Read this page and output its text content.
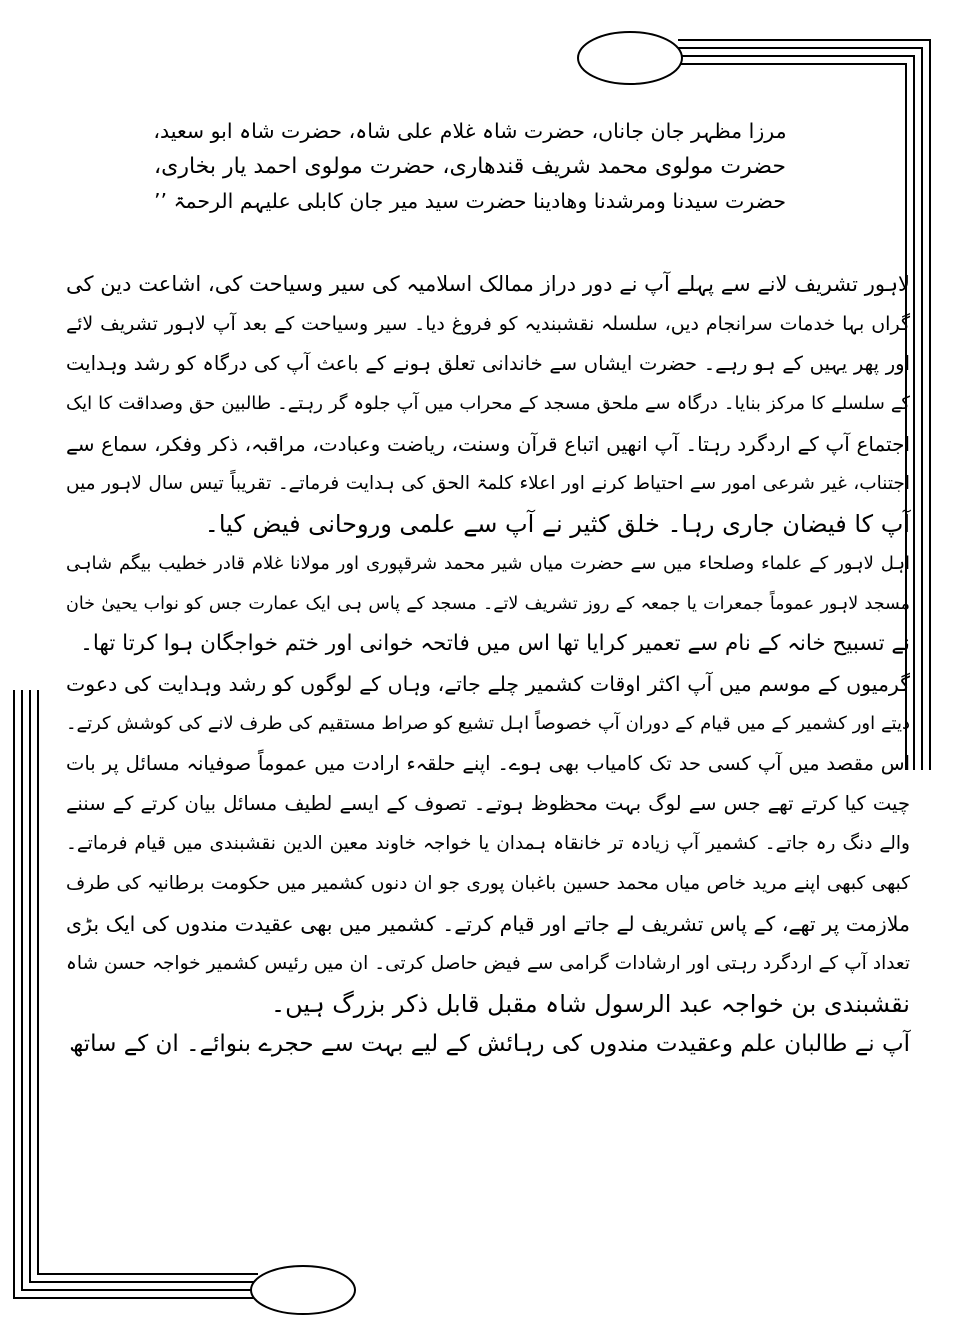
مرزا مظہر جان جاناں، حضرت شاہ غلام علی شاہ، حضرت شاہ ابو سعید،
حضرت مولوی محمد شریف قندھاری، حضرت مولوی احمد یار بخاری،
حضرت سیدنا ومرشدنا وھادینا حضرت سید میر جان کابلی علیہم الرحمۃ ’’
لاہور تشریف لانے سے پہلے آپ نے دور دراز ممالک اسلامیہ کی سیر وسیاحت کی، اشاعت دین کی
گراں بہا خدمات سرانجام دیں، سلسلہ نقشبندیہ کو فروغ دیا۔ سیر وسیاحت کے بعد آپ لاہور تشریف لائے
اور پھر یہیں کے ہو رہے۔ حضرت ایشاں سے خاندانی تعلق ہونے کے باعث آپ کی درگاہ کو رشد وہدایت
کے سلسلے کا مرکز بنایا۔ درگاہ سے ملحق مسجد کے محراب میں آپ جلوہ گر رہتے۔ طالبین حق وصداقت کا ایک
اجتماع آپ کے اردگرد رہتا۔ آپ انھیں اتباع قرآن وسنت، ریاضت وعبادت، مراقبہ، ذکر وفکر، سماع سے
اجتناب، غیر شرعی امور سے احتیاط کرنے اور اعلاء کلمۃ الحق کی ہدایت فرماتے۔ تقریباً تیس سال لاہور میں
آپ کا فیضان جاری رہا۔ خلق کثیر نے آپ سے علمی وروحانی فیض کیا۔
اہل لاہور کے علماء وصلحاء میں سے حضرت میاں شیر محمد شرقپوری اور مولانا غلام قادر خطیب بیگم شاہی
مسجد لاہور عموماً جمعرات یا جمعہ کے روز تشریف لاتے۔ مسجد کے پاس ہی ایک عمارت جس کو نواب یحییٰ خان
نے تسبیح خانہ کے نام سے تعمیر کرایا تھا اس میں فاتحہ خوانی اور ختم خواجگان ہوا کرتا تھا۔
گرمیوں کے موسم میں آپ اکثر اوقات کشمیر چلے جاتے، وہاں کے لوگوں کو رشد وہدایت کی دعوت
دیتے اور کشمیر کے میں قیام کے دوران آپ خصوصاً اہل تشیع کو صراط مستقیم کی طرف لانے کی کوشش کرتے۔
اس مقصد میں آپ کسی حد تک کامیاب بھی ہوے۔ اپنے حلقہء ارادت میں عموماً صوفیانہ مسائل پر بات
چیت کیا کرتے تھے جس سے لوگ بہت محظوظ ہوتے۔ تصوف کے ایسے لطیف مسائل بیان کرتے کے سننے
والے دنگ رہ جاتے۔ کشمیر آپ زیادہ تر خانقاہ ہمدان یا خواجہ خاوند معین الدین نقشبندی میں قیام فرماتے۔
کبھی کبھی اپنے مرید خاص میاں محمد حسین باغبان پوری جو ان دنوں کشمیر میں حکومت برطانیہ کی طرف
ملازمت پر تھے، کے پاس تشریف لے جاتے اور قیام کرتے۔ کشمیر میں بھی عقیدت مندوں کی ایک بڑی
تعداد آپ کے اردگرد رہتی اور ارشادات گرامی سے فیض حاصل کرتی۔ ان میں رئیس کشمیر خواجہ حسن شاہ
نقشبندی بن خواجہ عبد الرسول شاہ مقبل قابل ذکر بزرگ ہیں۔
آپ نے طالبان علم وعقیدت مندوں کی رہائش کے لیے بہت سے حجرے بنوائے۔ ان کے ساتھ
